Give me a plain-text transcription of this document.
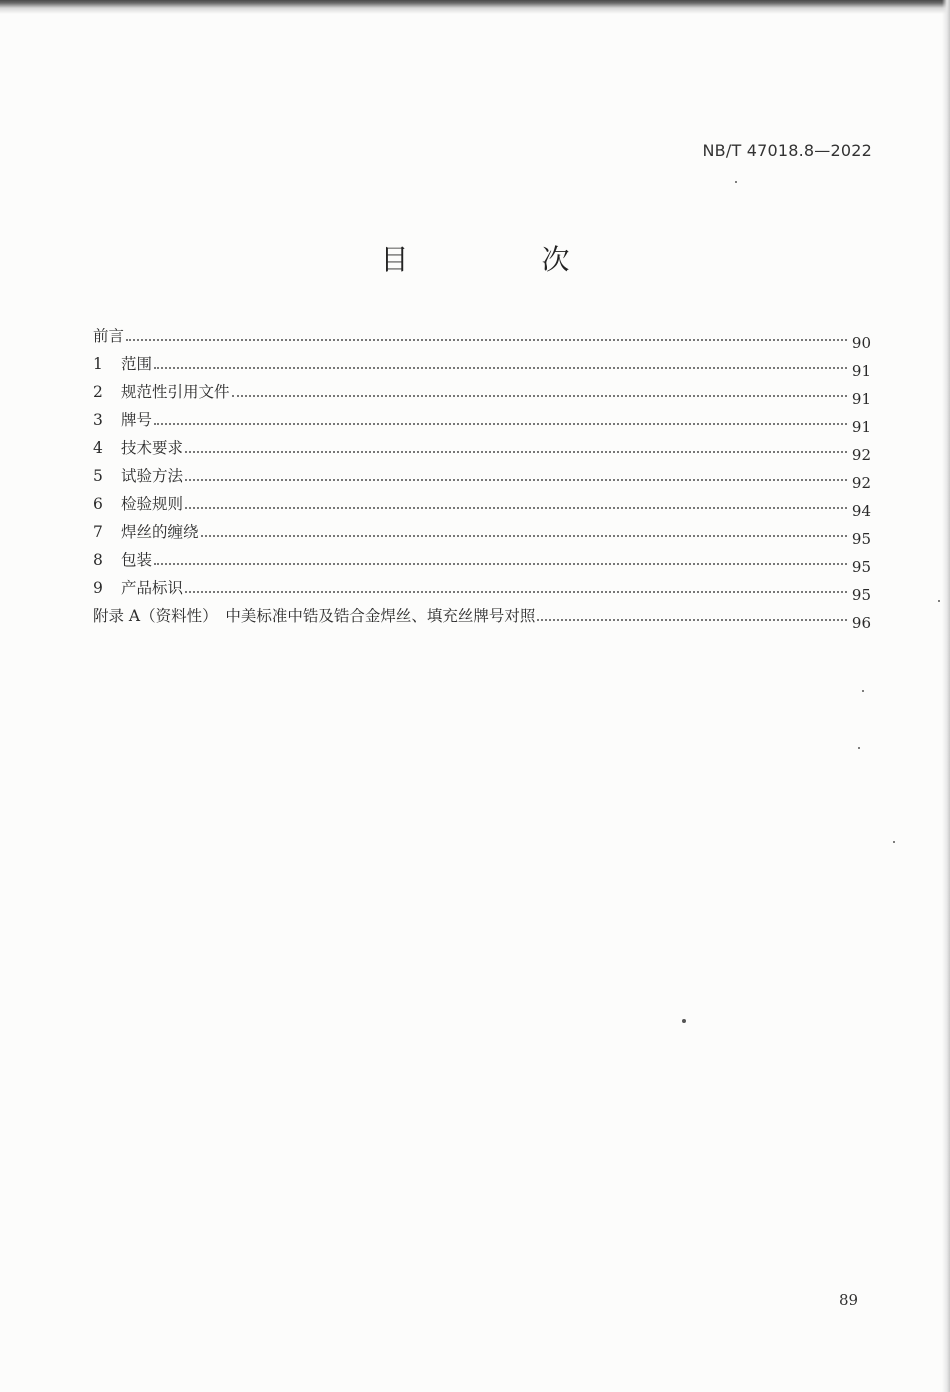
NB/T 47018.8—2022
目 次
前言	90
1	范围	91
2	规范性引用文件	91
3	牌号	91
4	技术要求	92
5	试验方法	92
6	检验规则	94
7	焊丝的缠绕	95
8	包装	95
9	产品标识	95
附录 A（资料性）　中美标准中锆及锆合金焊丝、填充丝牌号对照	96
89
